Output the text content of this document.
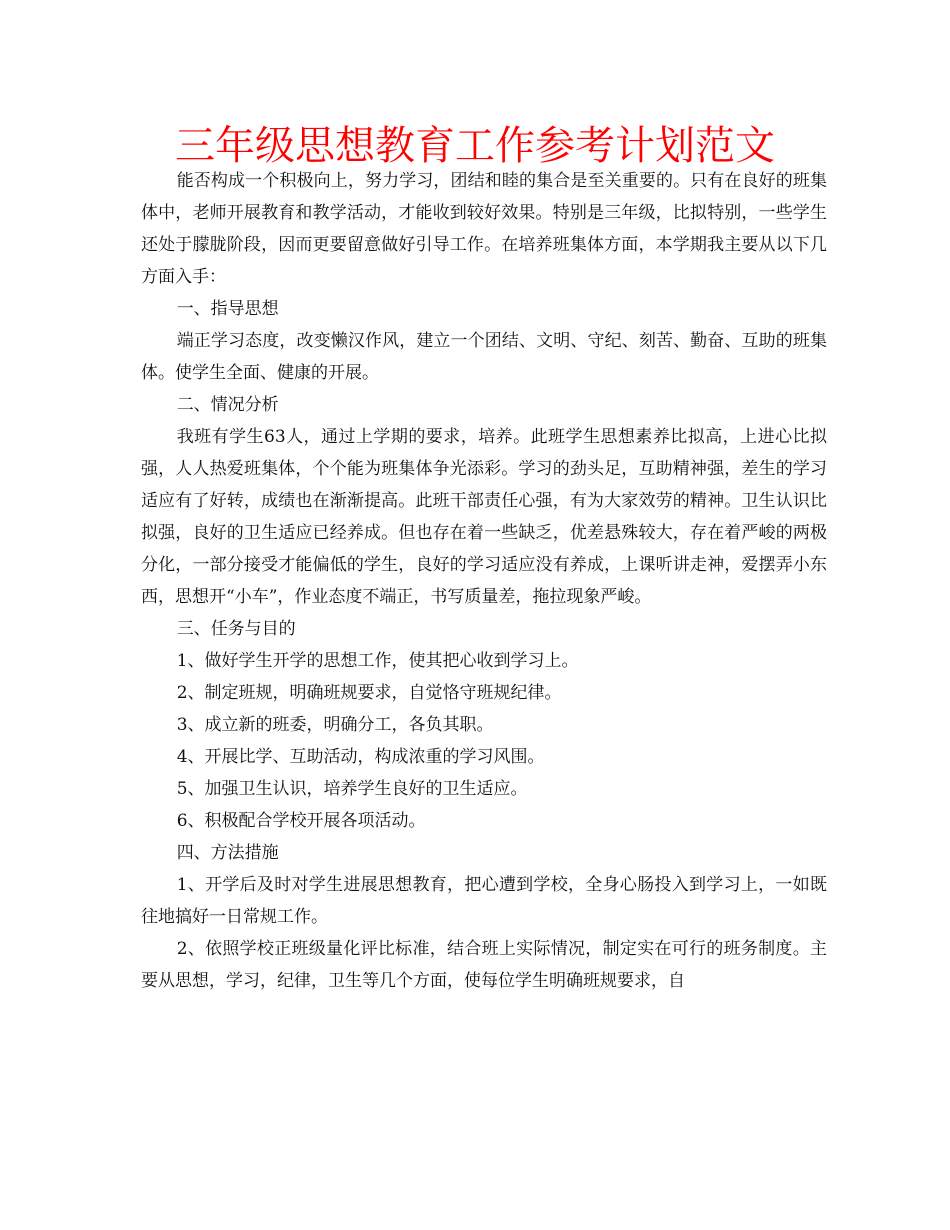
三年级思想教育工作参考计划范文

能否构成一个积极向上，努力学习，团结和睦的集合是至关重要的。只有在良好的班集体中，老师开展教育和教学活动，才能收到较好效果。特别是三年级，比拟特别，一些学生还处于朦胧阶段，因而更要留意做好引导工作。在培养班集体方面，本学期我主要从以下几方面入手：

一、指导思想

端正学习态度，改变懒汉作风，建立一个团结、文明、守纪、刻苦、勤奋、互助的班集体。使学生全面、健康的开展。

二、情况分析

我班有学生63人，通过上学期的要求，培养。此班学生思想素养比拟高，上进心比拟强，人人热爱班集体，个个能为班集体争光添彩。学习的劲头足，互助精神强，差生的学习适应有了好转，成绩也在渐渐提高。此班干部责任心强，有为大家效劳的精神。卫生认识比拟强，良好的卫生适应已经养成。但也存在着一些缺乏，优差悬殊较大，存在着严峻的两极分化，一部分接受才能偏低的学生，良好的学习适应没有养成，上课听讲走神，爱摆弄小东西，思想开“小车”，作业态度不端正，书写质量差，拖拉现象严峻。

三、任务与目的

1、做好学生开学的思想工作，使其把心收到学习上。

2、制定班规，明确班规要求，自觉恪守班规纪律。

3、成立新的班委，明确分工，各负其职。

4、开展比学、互助活动，构成浓重的学习风围。

5、加强卫生认识，培养学生良好的卫生适应。

6、积极配合学校开展各项活动。

四、方法措施

1、开学后及时对学生进展思想教育，把心遭到学校，全身心肠投入到学习上，一如既往地搞好一日常规工作。

2、依照学校正班级量化评比标准，结合班上实际情况，制定实在可行的班务制度。主要从思想，学习，纪律，卫生等几个方面，使每位学生明确班规要求，自
